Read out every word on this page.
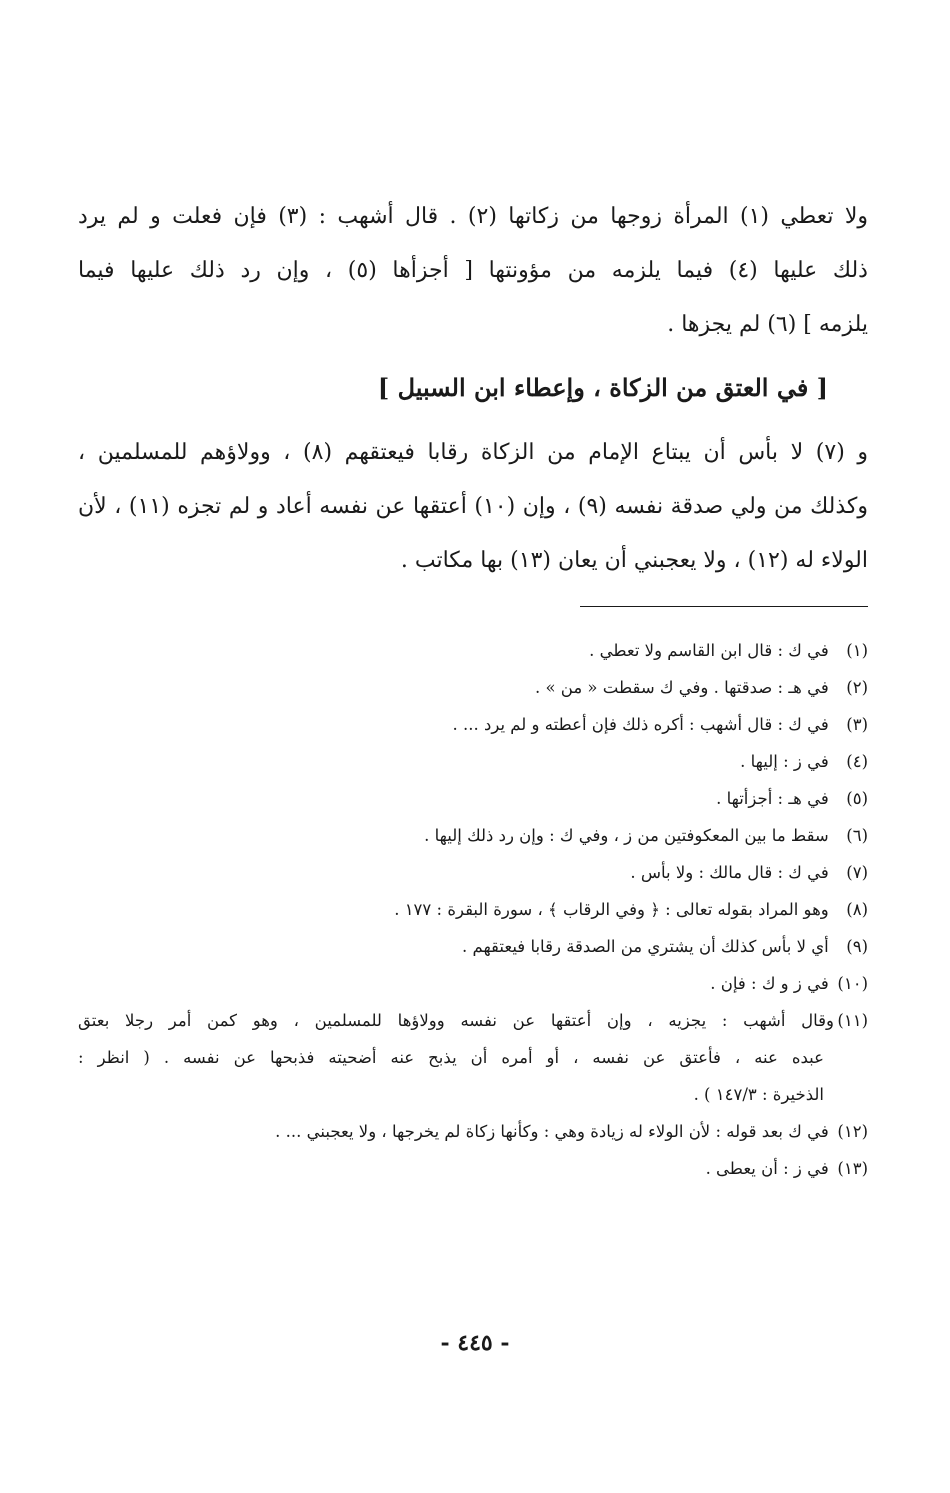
ولا تعطي (١) المرأة زوجها من زكاتها (٢) . قال أشهب : (٣) فإن فعلت و لم يرد
ذلك عليها (٤) فيما يلزمه من مؤونتها [ أجزأها (٥) ، وإن رد ذلك عليها فيما
يلزمه ] (٦) لم يجزها .
[ في العتق من الزكاة ، وإعطاء ابن السبيل ]
و (٧) لا بأس أن يبتاع الإمام من الزكاة رقابا فيعتقهم (٨) ، وولاؤهم للمسلمين ،
وكذلك من ولي صدقة نفسه (٩) ، وإن (١٠) أعتقها عن نفسه أعاد و لم تجزه (١١) ، لأن
الولاء له (١٢) ، ولا يعجبني أن يعان (١٣) بها مكاتب .
(١) في ك : قال ابن القاسم ولا تعطي .
(٢) في هـ : صدقتها . وفي ك سقطت « من » .
(٣) في ك : قال أشهب : أكره ذلك فإن أعطته و لم يرد ... .
(٤) في ز : إليها .
(٥) في هـ : أجزأتها .
(٦) سقط ما بين المعكوفتين من ز ، وفي ك : وإن رد ذلك إليها .
(٧) في ك : قال مالك : ولا بأس .
(٨) وهو المراد بقوله تعالى : ﴿ وفي الرقاب ﴾ ، سورة البقرة : ١٧٧ .
(٩) أي لا بأس كذلك أن يشتري من الصدقة رقابا فيعتقهم .
(١٠) في ز و ك : فإن .
(١١)وقال أشهب : يجزيه ، وإن أعتقها عن نفسه وولاؤها للمسلمين ، وهو كمن أمر رجلا بعتق
عبده عنه ، فأعتق عن نفسه ، أو أمره أن يذبح عنه أضحيته فذبحها عن نفسه . ( انظر :
الذخيرة : ١٤٧/٣ ) .
(١٢) في ك بعد قوله : لأن الولاء له زيادة وهي : وكأنها زكاة لم يخرجها ، ولا يعجبني ... .
(١٣) في ز : أن يعطى .
- ٤٤٥ -
